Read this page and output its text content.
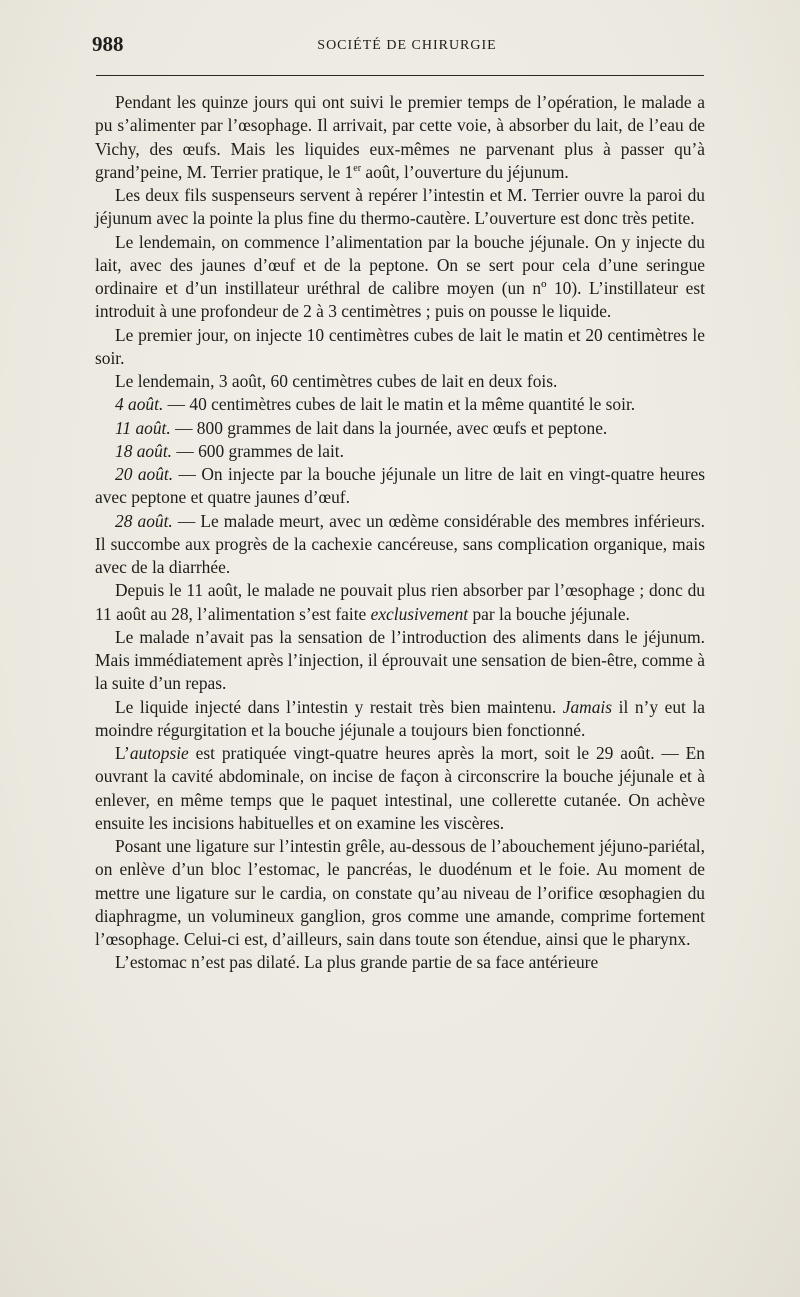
988	SOCIÉTÉ DE CHIRURGIE

Pendant les quinze jours qui ont suivi le premier temps de l’opération, le malade a pu s’alimenter par l’œsophage. Il arrivait, par cette voie, à absorber du lait, de l’eau de Vichy, des œufs. Mais les liquides eux-mêmes ne parvenant plus à passer qu’à grand’peine, M. Terrier pratique, le 1er août, l’ouverture du jéjunum.

Les deux fils suspenseurs servent à repérer l’intestin et M. Terrier ouvre la paroi du jéjunum avec la pointe la plus fine du thermo-cautère. L’ouverture est donc très petite.

Le lendemain, on commence l’alimentation par la bouche jéjunale. On y injecte du lait, avec des jaunes d’œuf et de la peptone. On se sert pour cela d’une seringue ordinaire et d’un instillateur uréthral de calibre moyen (un nº 10). L’instillateur est introduit à une profondeur de 2 à 3 centimètres ; puis on pousse le liquide.

Le premier jour, on injecte 10 centimètres cubes de lait le matin et 20 centimètres le soir.

Le lendemain, 3 août, 60 centimètres cubes de lait en deux fois.

4 août. — 40 centimètres cubes de lait le matin et la même quantité le soir.

11 août. — 800 grammes de lait dans la journée, avec œufs et peptone.

18 août. — 600 grammes de lait.

20 août. — On injecte par la bouche jéjunale un litre de lait en vingt-quatre heures avec peptone et quatre jaunes d’œuf.

28 août. — Le malade meurt, avec un œdème considérable des membres inférieurs. Il succombe aux progrès de la cachexie cancéreuse, sans complication organique, mais avec de la diarrhée.

Depuis le 11 août, le malade ne pouvait plus rien absorber par l’œsophage ; donc du 11 août au 28, l’alimentation s’est faite exclusivement par la bouche jéjunale.

Le malade n’avait pas la sensation de l’introduction des aliments dans le jéjunum. Mais immédiatement après l’injection, il éprouvait une sensation de bien-être, comme à la suite d’un repas.

Le liquide injecté dans l’intestin y restait très bien maintenu. Jamais il n’y eut la moindre régurgitation et la bouche jéjunale a toujours bien fonctionné.

L’autopsie est pratiquée vingt-quatre heures après la mort, soit le 29 août. — En ouvrant la cavité abdominale, on incise de façon à circonscrire la bouche jéjunale et à enlever, en même temps que le paquet intestinal, une collerette cutanée. On achève ensuite les incisions habituelles et on examine les viscères.

Posant une ligature sur l’intestin grêle, au-dessous de l’abouchement jéjuno-pariétal, on enlève d’un bloc l’estomac, le pancréas, le duodénum et le foie. Au moment de mettre une ligature sur le cardia, on constate qu’au niveau de l’orifice œsophagien du diaphragme, un volumineux ganglion, gros comme une amande, comprime fortement l’œsophage. Celui-ci est, d’ailleurs, sain dans toute son étendue, ainsi que le pharynx.

L’estomac n’est pas dilaté. La plus grande partie de sa face antérieure
